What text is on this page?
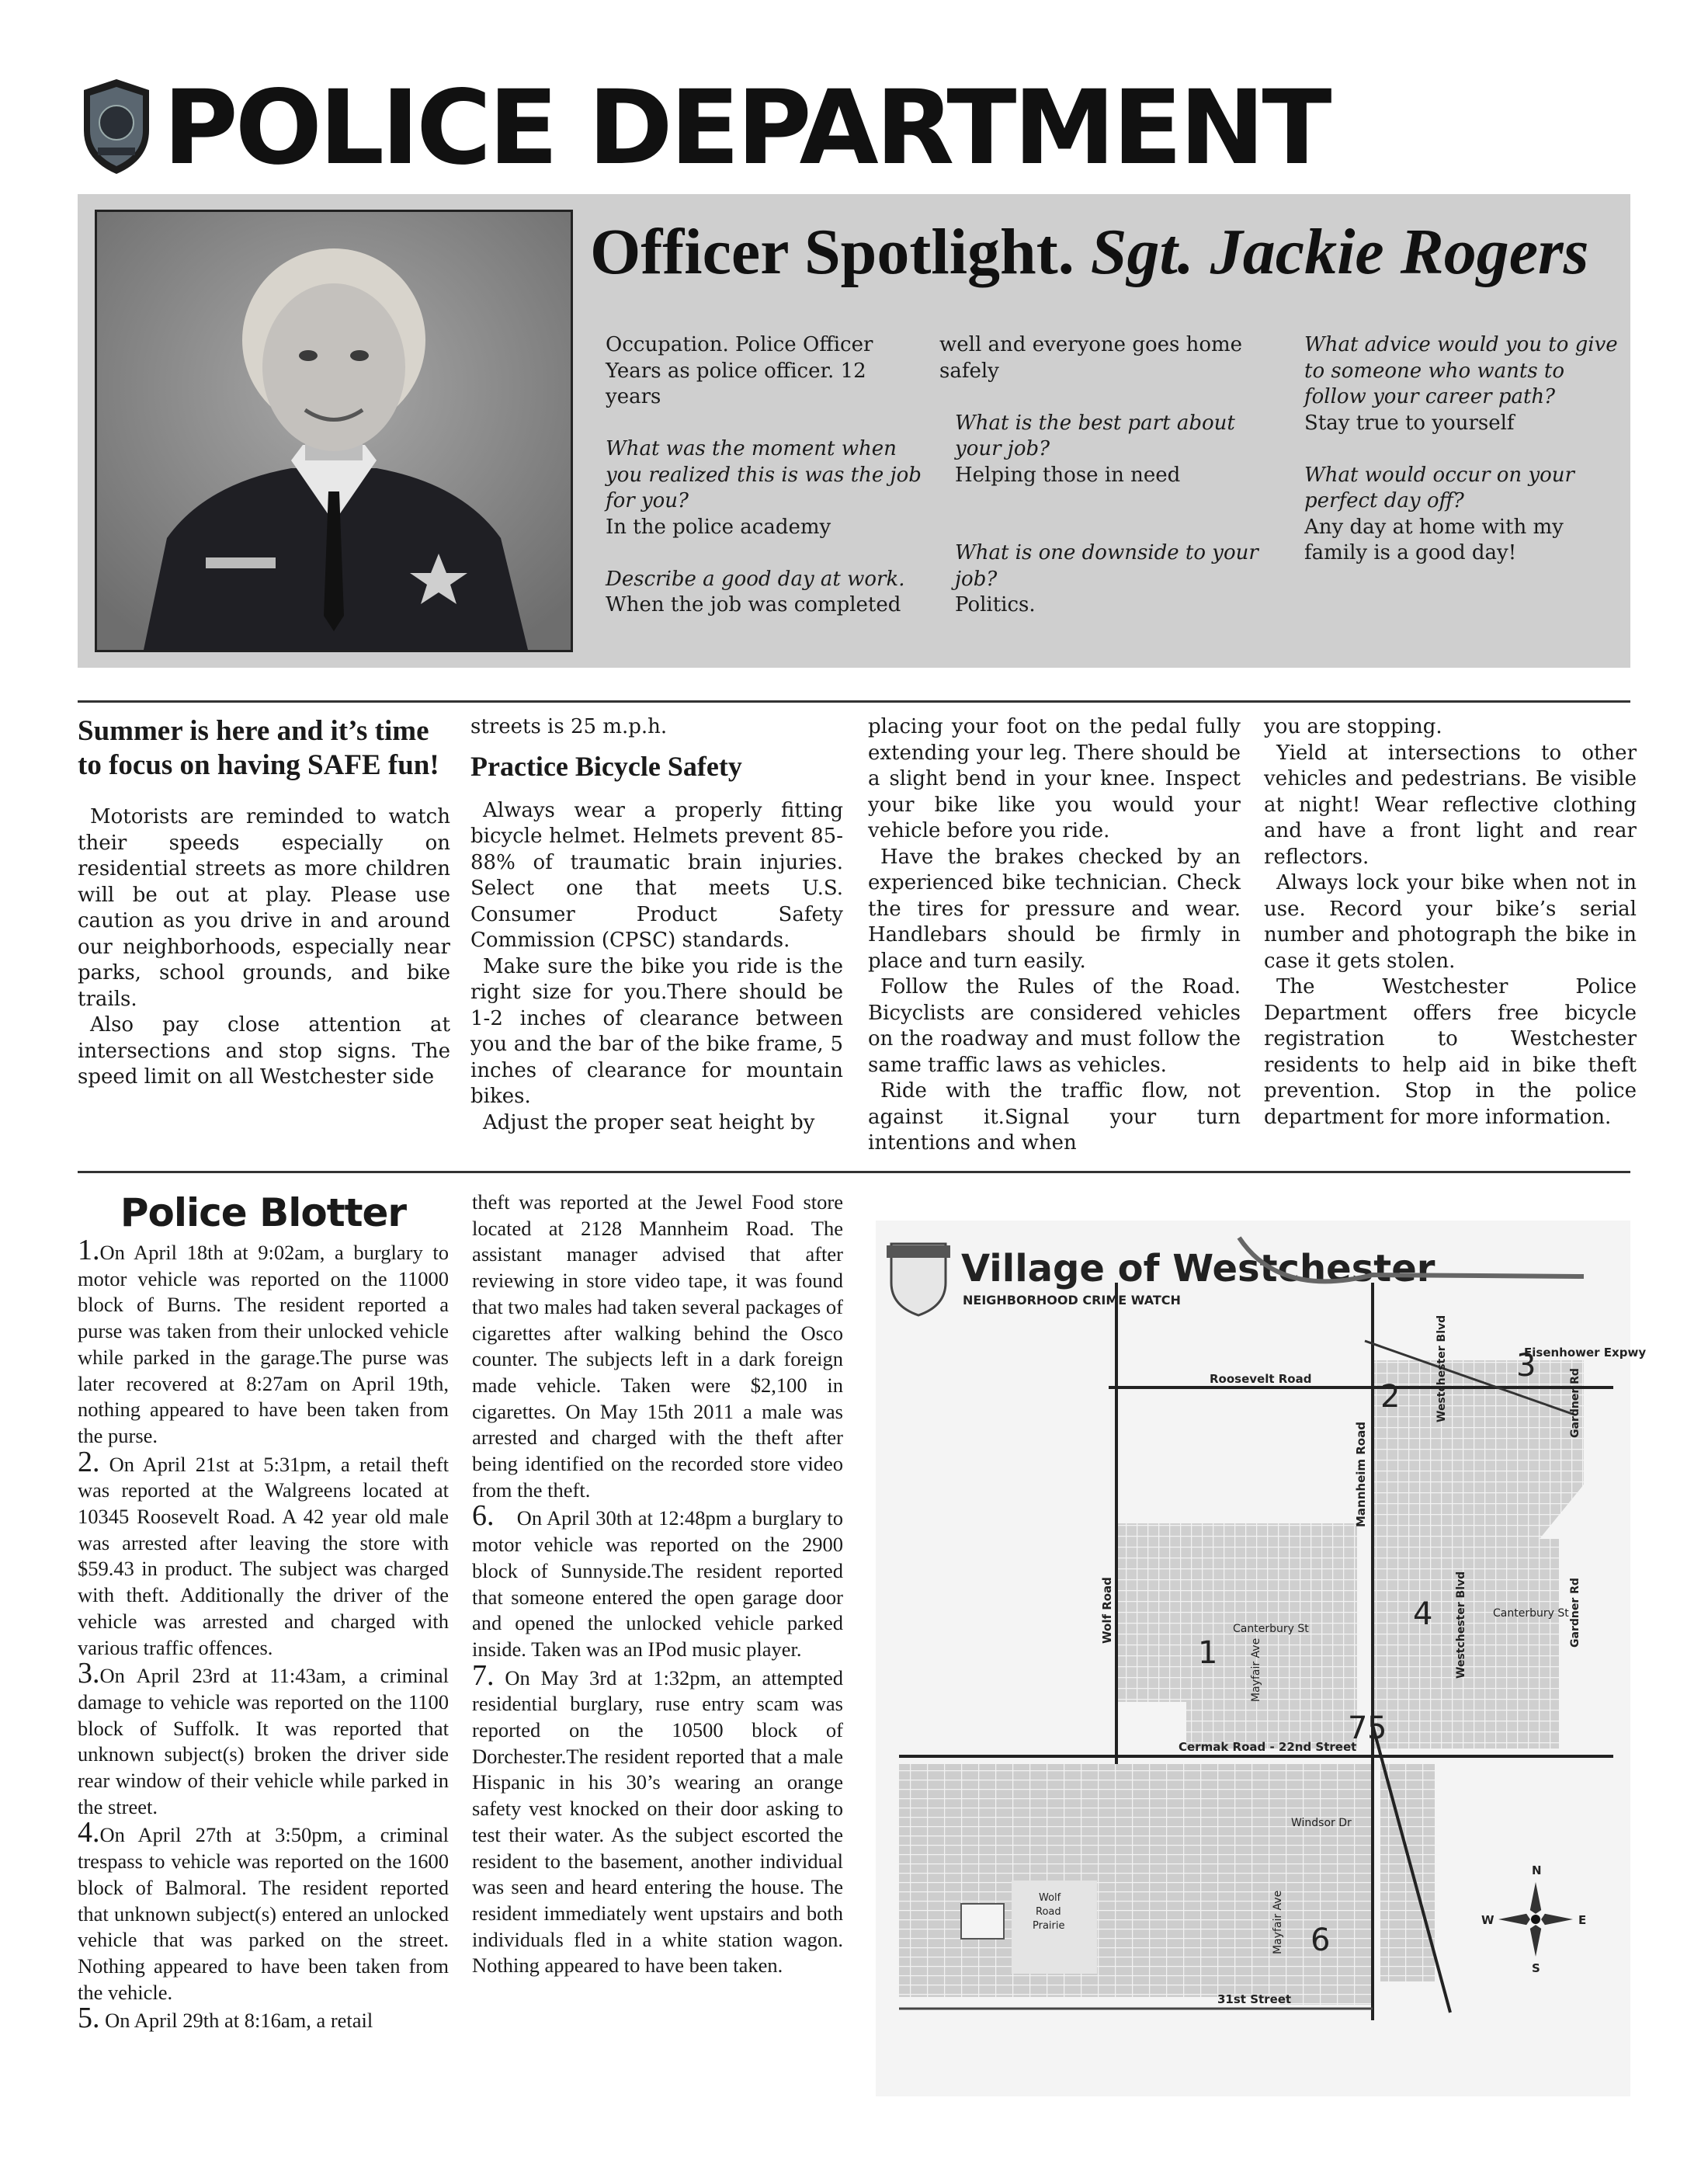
POLICE DEPARTMENT
Officer Spotlight. Sgt. Jackie Rogers

Occupation. Police Officer

Years as police officer. 12 years

What was the moment when you realized this is was the job for you?

In the police academy

Describe a good day at work.

When the job was completed

well and everyone goes home safely

What is the best part about your job?

Helping those in need

What is one downside to your job?

Politics.

What advice would you to give to someone who wants to follow your career path?

Stay true to yourself

What would occur on your perfect day off?

Any day at home with my family is a good day!

Summer is here and it’s time to focus on having SAFE fun!

Motorists are reminded to watch their speeds especially on residential streets as more children will be out at play. Please use caution as you drive in and around our neighborhoods, especially near parks, school grounds, and bike trails.

Also pay close attention at intersections and stop signs. The speed limit on all Westchester side

streets is 25 m.p.h.

Practice Bicycle Safety

Always wear a properly fitting bicycle helmet. Helmets prevent 85-88% of traumatic brain injuries. Select one that meets U.S. Consumer Product Safety Commission (CPSC) standards.

Make sure the bike you ride is the right size for you.There should be 1-2 inches of clearance between you and the bar of the bike frame, 5 inches of clearance for mountain bikes.

Adjust the proper seat height by

placing your foot on the pedal fully extending your leg. There should be a slight bend in your knee. Inspect your bike like you would your vehicle before you ride.

Have the brakes checked by an experienced bike technician. Check the tires for pressure and wear. Handlebars should be firmly in place and turn easily.

Follow the Rules of the Road. Bicyclists are considered vehicles on the roadway and must follow the same traffic laws as vehicles.

Ride with the traffic flow, not against it.Signal your turn intentions and when

you are stopping.

Yield at intersections to other vehicles and pedestrians. Be visible at night! Wear reflective clothing and have a front light and rear reflectors.

Always lock your bike when not in use. Record your bike’s serial number and photograph the bike in case it gets stolen.

The Westchester Police Department offers free bicycle registration to Westchester residents to help aid in bike theft prevention. Stop in the police department for more information.

Police Blotter

1.On April 18th at 9:02am, a burglary to motor vehicle was reported on the 11000 block of Burns. The resident reported a purse was taken from their unlocked vehicle while parked in the garage.The purse was later recovered at 8:27am on April 19th, nothing appeared to have been taken from the purse.

2. On April 21st at 5:31pm, a retail theft was reported at the Walgreens located at 10345 Roosevelt Road. A 42 year old male was arrested after leaving the store with $59.43 in product. The subject was charged with theft. Additionally the driver of the vehicle was arrested and charged with various traffic offences.

3.On April 23rd at 11:43am, a criminal damage to vehicle was reported on the 1100 block of Suffolk. It was reported that unknown subject(s) broken the driver side rear window of their vehicle while parked in the street.

4.On April 27th at 3:50pm, a criminal trespass to vehicle was reported on the 1600 block of Balmoral. The resident reported that unknown subject(s) entered an unlocked vehicle that was parked on the street. Nothing appeared to have been taken from the vehicle.

5. On April 29th at 8:16am, a retail

theft was reported at the Jewel Food store located at 2128 Mannheim Road. The assistant manager advised that after reviewing in store video tape, it was found that two males had taken several packages of cigarettes after walking behind the Osco counter. The subjects left in a dark foreign made vehicle. Taken were $2,100 in cigarettes. On May 15th 2011 a male was arrested and charged with the theft after being identified on the recorded store video from the theft.

6. On April 30th at 12:48pm a burglary to motor vehicle was reported on the 2900 block of Sunnyside.The resident reported that someone entered the open garage door and opened the unlocked vehicle parked inside. Taken was an IPod music player.

7. On May 3rd at 1:32pm, an attempted residential burglary, ruse entry scam was reported on the 10500 block of Dorchester.The resident reported that a male Hispanic in his 30’s wearing an orange safety vest knocked on their door asking to test their water. As the subject escorted the resident to the basement, another individual was seen and heard entering the house. The resident immediately went upstairs and both individuals fled in a white station wagon. Nothing appeared to have been taken.

Village of Westchester
NEIGHBORHOOD CRIME WATCH
Eisenhower Expwy
Roosevelt Road
Mannheim Road
Westchester Blvd
Westchester Blvd
Gardner Rd
Gardner Rd
Wolf Road	Canterbury St
Canterbury St
Mayfair Ave
Mayfair Ave
Cermak Road - 22nd Street
Windsor Dr
31st Street
Wolf
Road
Prairie
1
2
3
4
5
6
7
N
S
E
W
